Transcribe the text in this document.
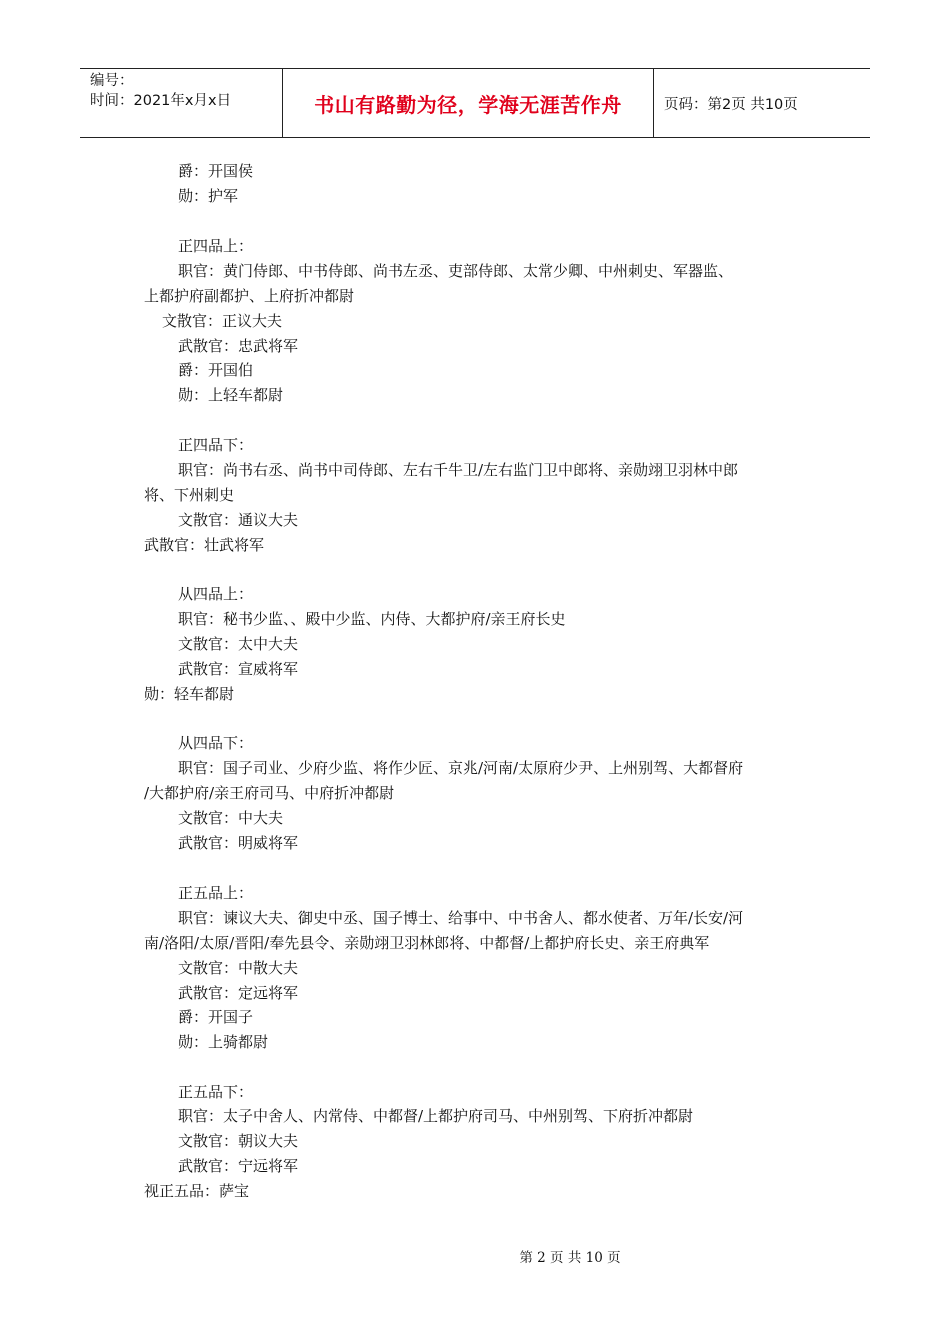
编号：
时间：2021年x月x日	书山有路勤为径，学海无涯苦作舟	页码：第2页 共10页
爵：开国侯
勋：护军
正四品上：
职官：黄门侍郎、中书侍郎、尚书左丞、吏部侍郎、太常少卿、中州刺史、军器监、
上都护府副都护、上府折冲都尉
文散官：正议大夫
武散官：忠武将军
爵：开国伯
勋：上轻车都尉
正四品下：
职官：尚书右丞、尚书中司侍郎、左右千牛卫/左右监门卫中郎将、亲勋翊卫羽林中郎
将、下州刺史
文散官：通议大夫
武散官：壮武将军
从四品上：
职官：秘书少监、、殿中少监、内侍、大都护府/亲王府长史
文散官：太中大夫
武散官：宣威将军
勋：轻车都尉
从四品下：
职官：国子司业、少府少监、将作少匠、京兆/河南/太原府少尹、上州别驾、大都督府
/大都护府/亲王府司马、中府折冲都尉
文散官：中大夫
武散官：明威将军
正五品上：
职官：谏议大夫、御史中丞、国子博士、给事中、中书舍人、都水使者、万年/长安/河
南/洛阳/太原/晋阳/奉先县令、亲勋翊卫羽林郎将、中都督/上都护府长史、亲王府典军
文散官：中散大夫
武散官：定远将军
爵：开国子
勋：上骑都尉
正五品下：
职官：太子中舍人、内常侍、中都督/上都护府司马、中州别驾、下府折冲都尉
文散官：朝议大夫
武散官：宁远将军
视正五品：萨宝
第 2 页 共 10 页
